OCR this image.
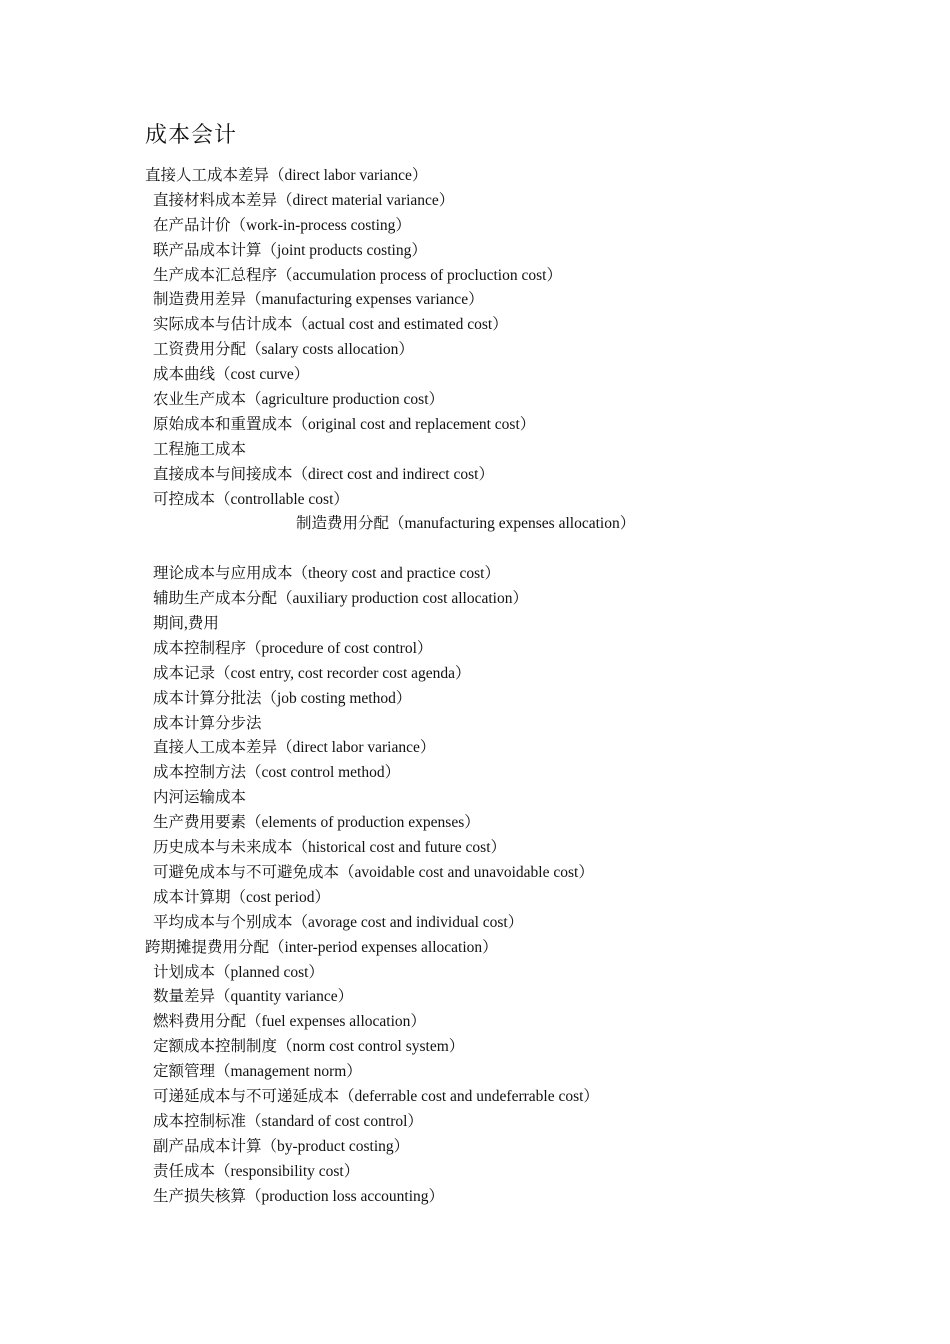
成本会计
直接人工成本差异（direct labor variance）
直接材料成本差异（direct material variance）
在产品计价（work-in-process costing）
联产品成本计算（joint products costing）
生产成本汇总程序（accumulation process of procluction cost）
制造费用差异（manufacturing expenses variance）
实际成本与估计成本（actual cost and estimated cost）
工资费用分配（salary costs allocation）
成本曲线（cost curve）
农业生产成本（agriculture production cost）
原始成本和重置成本（original cost and replacement cost）
工程施工成本
直接成本与间接成本（direct cost and indirect cost）
可控成本（controllable cost）
制造费用分配（manufacturing expenses allocation）
理论成本与应用成本（theory cost and practice cost）
辅助生产成本分配（auxiliary production cost allocation）
期间,费用
成本控制程序（procedure of cost control）
成本记录（cost entry, cost recorder cost agenda）
成本计算分批法（job costing method）
成本计算分步法
直接人工成本差异（direct labor variance）
成本控制方法（cost control method）
内河运输成本
生产费用要素（elements of production expenses）
历史成本与未来成本（historical cost and future cost）
可避免成本与不可避免成本（avoidable cost and unavoidable cost）
成本计算期（cost period）
平均成本与个别成本（avorage cost and individual cost）
跨期摊提费用分配（inter-period expenses allocation）
计划成本（planned cost）
数量差异（quantity variance）
燃料费用分配（fuel expenses allocation）
定额成本控制制度（norm cost control system）
定额管理（management norm）
可递延成本与不可递延成本（deferrable cost and undeferrable cost）
成本控制标准（standard of cost control）
副产品成本计算（by-product costing）
责任成本（responsibility cost）
生产损失核算（production loss accounting）
